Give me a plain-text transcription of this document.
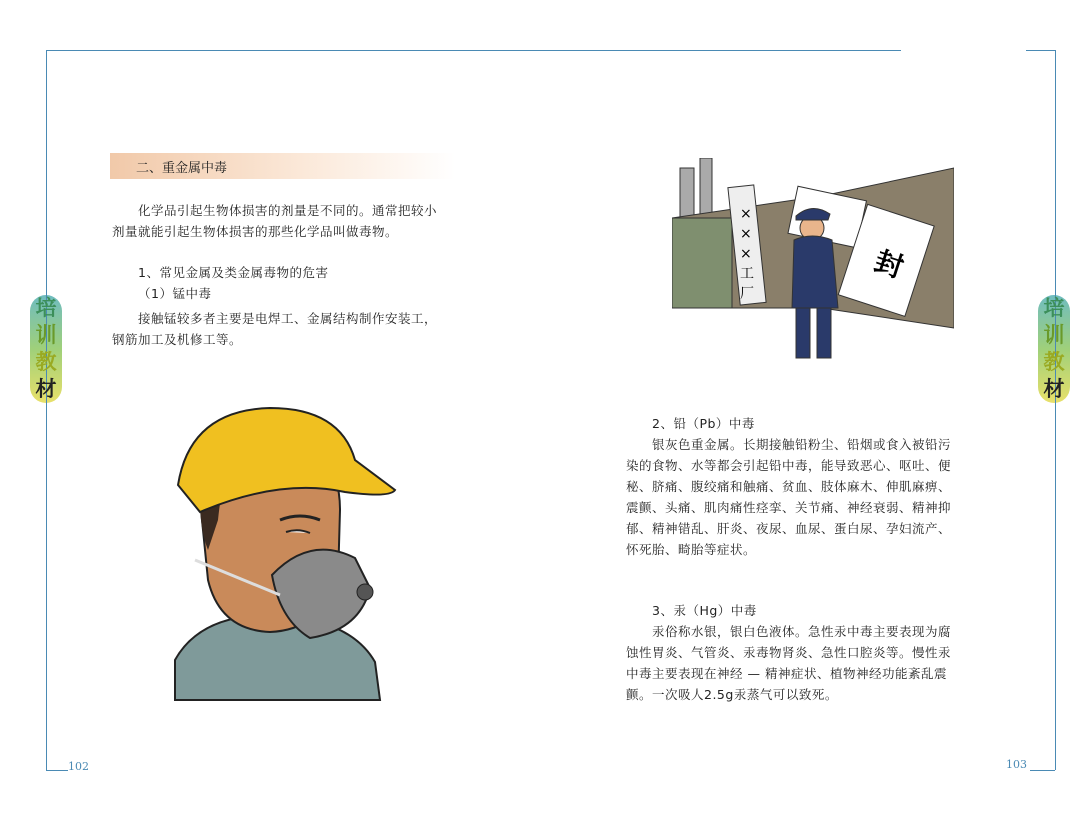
培
训
教
材
培
训
教
材
二、重金属中毒
化学品引起生物体损害的剂量是不同的。通常把较小
剂量就能引起生物体损害的那些化学品叫做毒物。
1、常见金属及类金属毒物的危害
（1）锰中毒
接触锰较多者主要是电焊工、金属结构制作安装工，
钢筋加工及机修工等。
102
× × ×工厂
封
2、铅（Pb）中毒
银灰色重金属。长期接触铅粉尘、铅烟或食入被铅污
染的食物、水等都会引起铅中毒，能导致恶心、呕吐、便
秘、脐痛、腹绞痛和触痛、贫血、肢体麻木、伸肌麻痹、
震颤、头痛、肌肉痛性痉挛、关节痛、神经衰弱、精神抑
郁、精神错乱、肝炎、夜尿、血尿、蛋白尿、孕妇流产、
怀死胎、畸胎等症状。
3、汞（Hg）中毒
汞俗称水银，银白色液体。急性汞中毒主要表现为腐
蚀性胃炎、气管炎、汞毒物肾炎、急性口腔炎等。慢性汞
中毒主要表现在神经 — 精神症状、植物神经功能紊乱震
颤。一次吸人2.5g汞蒸气可以致死。
103
